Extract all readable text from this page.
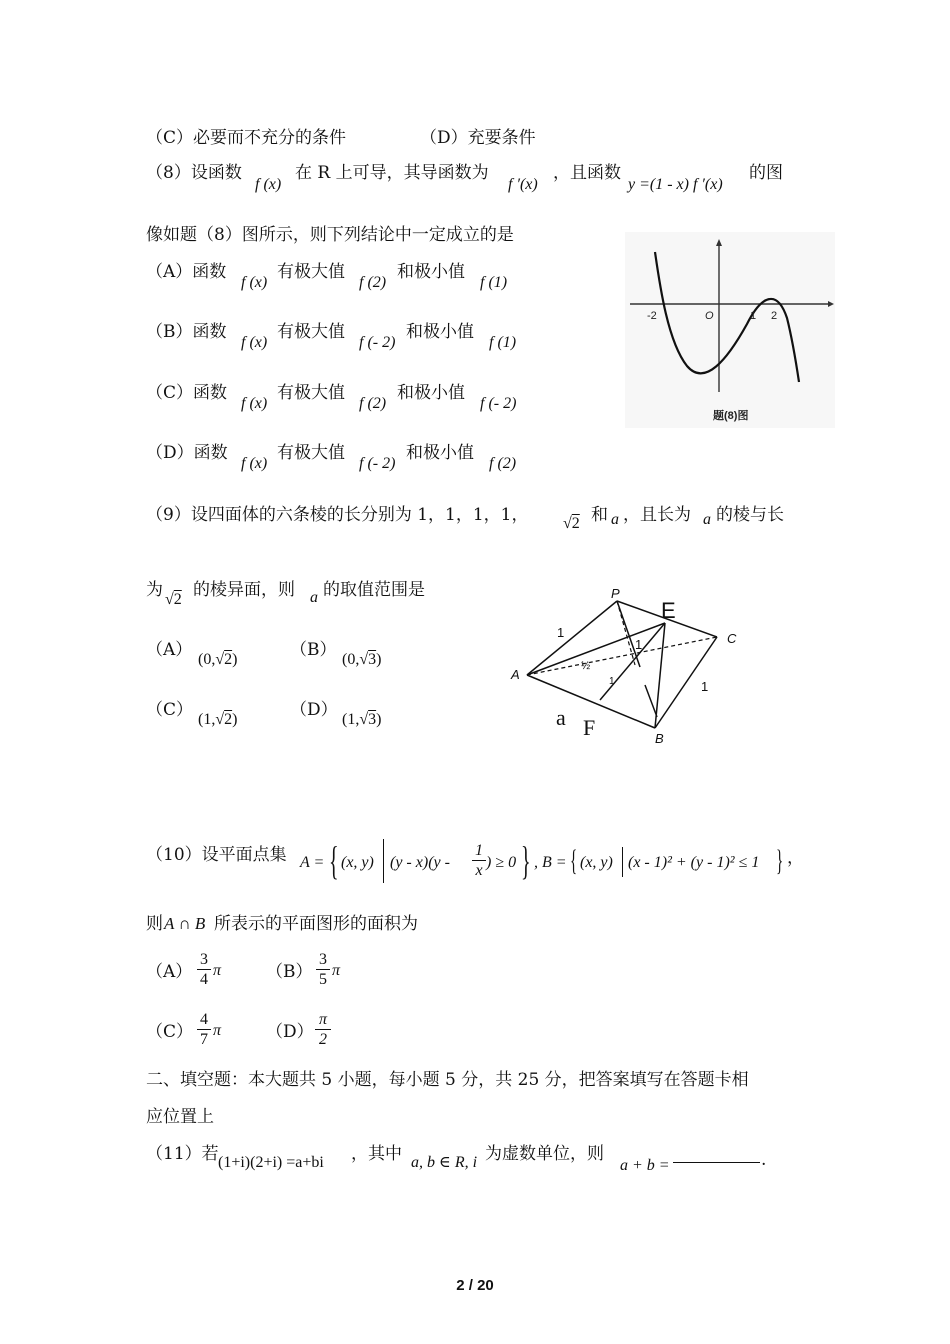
（C）必要而不充分的条件	（D）充要条件
（8）设函数
f (x)
在 R 上可导，其导函数为
f ′(x)
，且函数
y =(1 - x) f ′(x)
的图
像如题（8）图所示，则下列结论中一定成立的是
（A）函数
f (x)
有极大值
f (2)
和极小值
f (1)
（B）函数
f (x)
有极大值
f (- 2)
和极小值
f (1)
（C）函数
f (x)
有极大值
f (2)
和极小值
f (- 2)
（D）函数
f (x)
有极大值
f (- 2)
和极小值
f (2)
-2	O	1 2
题(8)图
（9）设四面体的六条棱的长分别为 1，1，1，1， √2 和 a ，且长为 a 的棱与长
为 √2 的棱异面，则 a 的取值范围是
（A） (0,√2)	（B） (0,√3)
（C） (1,√2)	（D） (1,√3)
P
E
C
A
B
1
1
1	1
½
a F
（10）设平面点集 A = { (x, y) (y - x)(y -
1
x ) ≥ 0 } , B = { (x, y) (x - 1)² + (y - 1)² ≤ 1 } ，
则 A ∩ B 所表示的平面图形的面积为
（A）
3
4
π	（B）
3
5
π
（C）
4
7
π	（D）
π
2
二、填空题：本大题共 5 小题，每小题 5 分，共 25 分，把答案填写在答题卡相
应位置上
（11）若 (1+i)(2+i) =a+bi ，其中 a, b ∈ R, i 为虚数单位，则
a + b =	.
2 / 20
